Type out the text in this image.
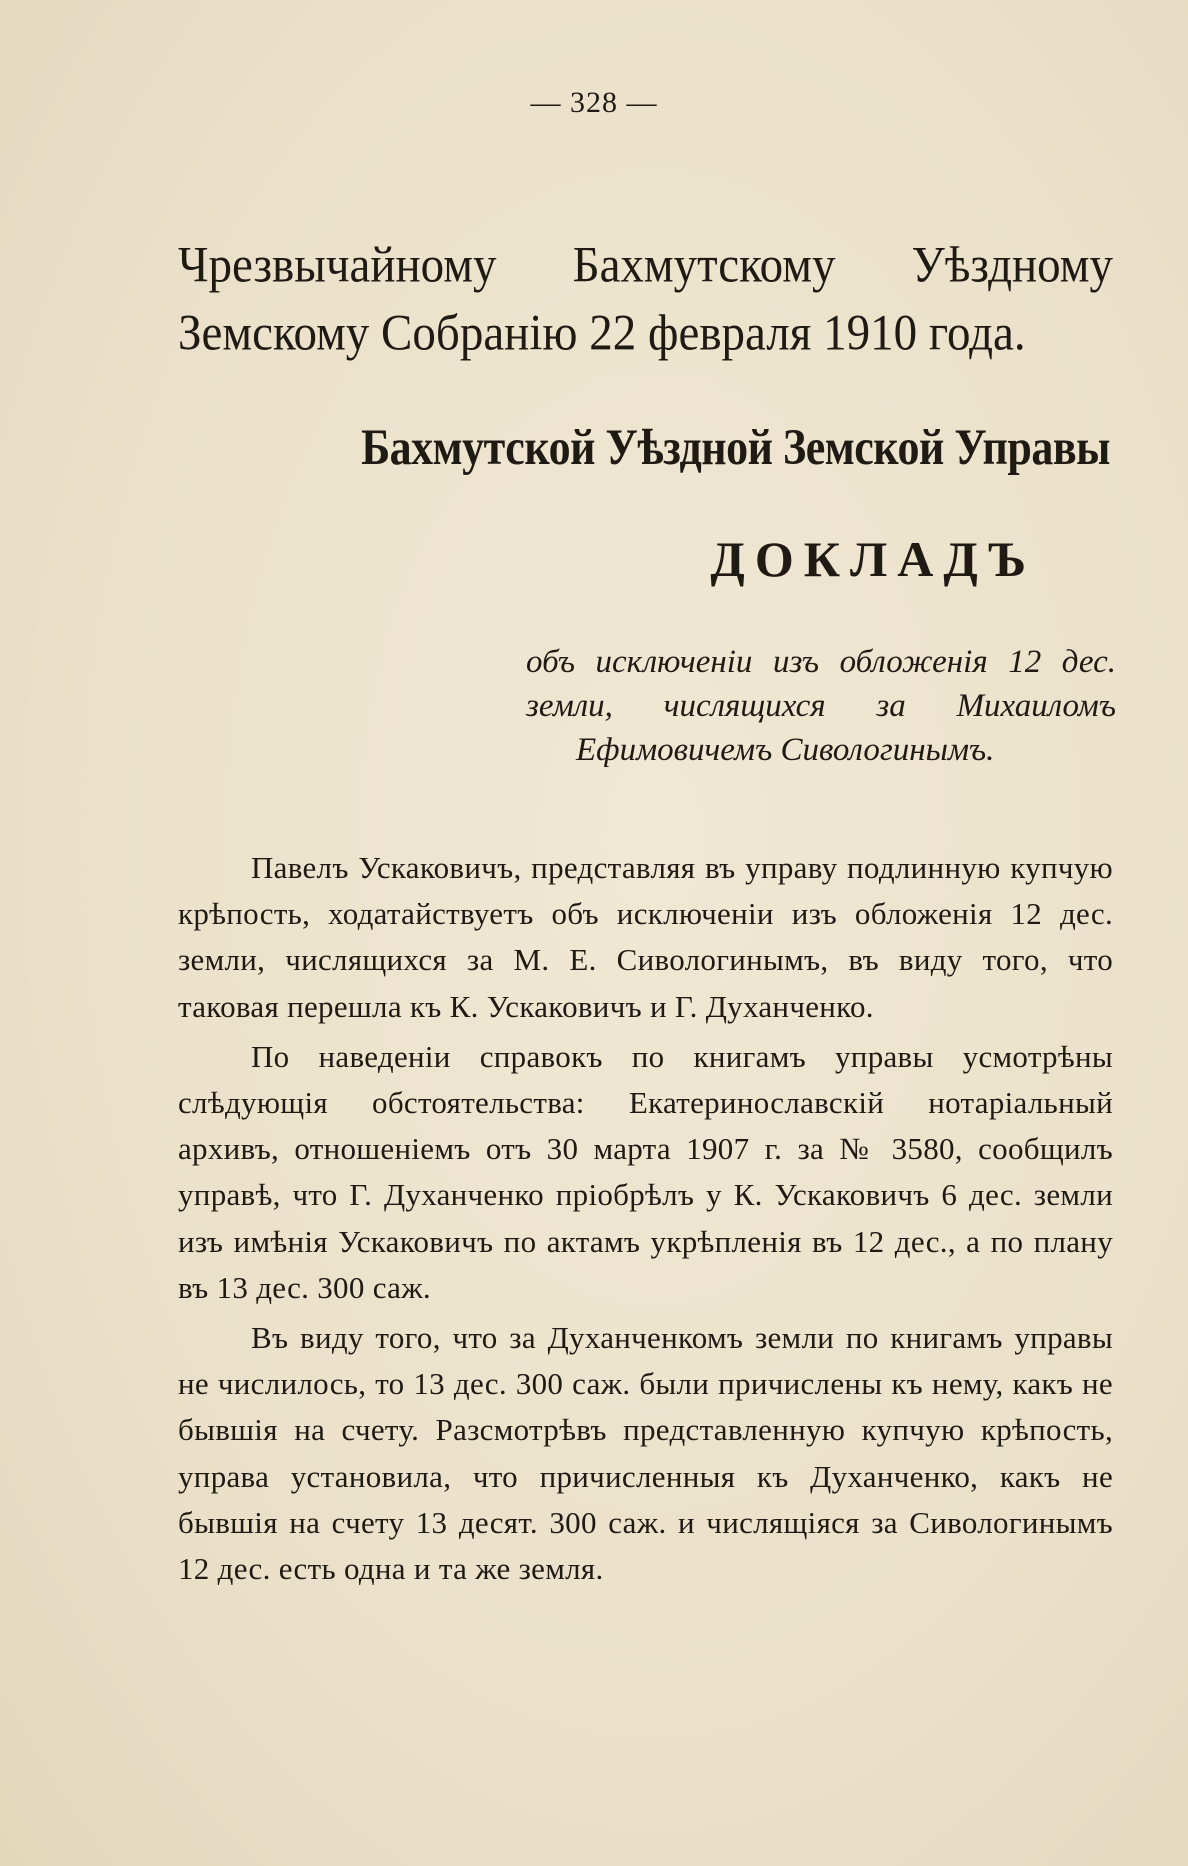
— 328 —
Чрезвычайному Бахмутскому Уѣздному Земскому Собранію 22 февраля 1910 года.
Бахмутской Уѣздной Земской Управы
ДОКЛАДЪ
объ исключеніи изъ обложенія 12 дес.
земли, числящихся за Михаиломъ
Ефимовичемъ Сивологинымъ.

Павелъ Ускаковичъ, представляя въ управу подлинную купчую крѣпость, ходатайствуетъ объ исключеніи изъ обложенія 12 дес. земли, числящихся за М. Е. Сивологинымъ, въ виду того, что таковая перешла къ К. Ускаковичъ и Г. Духанченко.

По наведеніи справокъ по книгамъ управы усмотрѣны слѣдующія обстоятельства: Екатеринославскій нотаріальный архивъ, отношеніемъ отъ 30 марта 1907 г. за № 3580, сообщилъ управѣ, что Г. Духанченко пріобрѣлъ у К. Ускаковичъ 6 дес. земли изъ имѣнія Ускаковичъ по актамъ укрѣпленія въ 12 дес., а по плану въ 13 дес. 300 саж.

Въ виду того, что за Духанченкомъ земли по книгамъ управы не числилось, то 13 дес. 300 саж. были причислены къ нему, какъ не бывшія на счету. Разсмотрѣвъ представленную купчую крѣпость, управа установила, что причисленныя къ Духанченко, какъ не бывшія на счету 13 десят. 300 саж. и числящіяся за Сивологинымъ 12 дес. есть одна и та же земля.
